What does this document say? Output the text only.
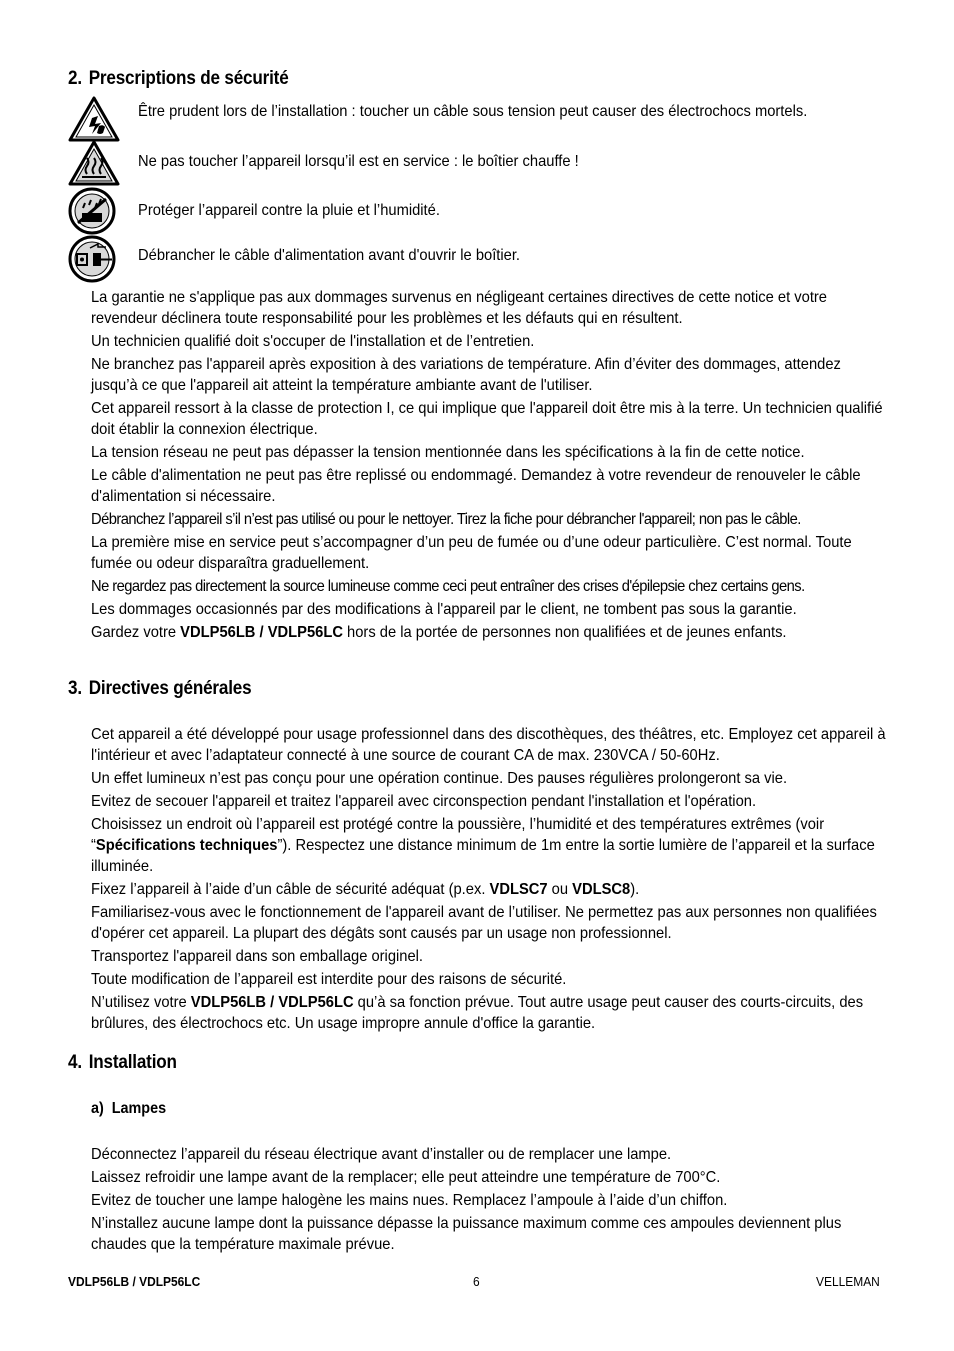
2. Prescriptions de sécurité
Être prudent lors de l’installation : toucher un câble sous tension peut causer des électrochocs mortels.
Ne pas toucher l’appareil lorsqu’il est en service : le boîtier chauffe !
Protéger l’appareil contre la pluie et l’humidité.
Débrancher le câble d'alimentation avant d'ouvrir le boîtier.

La garantie ne s'applique pas aux dommages survenus en négligeant certaines directives de cette notice et votre revendeur déclinera toute responsabilité pour les problèmes et les défauts qui en résultent.

Un technicien qualifié doit s'occuper de l'installation et de l’entretien.

Ne branchez pas l'appareil après exposition à des variations de température. Afin d’éviter des dommages, attendez jusqu’à ce que l'appareil ait atteint la température ambiante avant de l'utiliser.

Cet appareil ressort à la classe de protection I, ce qui implique que l'appareil doit être mis à la terre. Un technicien qualifié doit établir la connexion électrique.

La tension réseau ne peut pas dépasser la tension mentionnée dans les spécifications à la fin de cette notice.

Le câble d'alimentation ne peut pas être replissé ou endommagé. Demandez à votre revendeur de renouveler le câble d'alimentation si nécessaire.

Débranchez l’appareil s’il n’est pas utilisé ou pour le nettoyer. Tirez la fiche pour débrancher l'appareil; non pas le câble.

La première mise en service peut s’accompagner d’un peu de fumée ou d’une odeur particulière. C’est normal. Toute fumée ou odeur disparaîtra graduellement.

Ne regardez pas directement la source lumineuse comme ceci peut entraîner des crises d'épilepsie chez certains gens.

Les dommages occasionnés par des modifications à l'appareil par le client, ne tombent pas sous la garantie.

Gardez votre VDLP56LB / VDLP56LC hors de la portée de personnes non qualifiées et de jeunes enfants.

3. Directives générales

Cet appareil a été développé pour usage professionnel dans des discothèques, des théâtres, etc. Employez cet appareil à l'intérieur et avec l’adaptateur connecté à une source de courant CA de max. 230VCA / 50-60Hz.

Un effet lumineux n’est pas conçu pour une opération continue. Des pauses régulières prolongeront sa vie.

Evitez de secouer l'appareil et traitez l'appareil avec circonspection pendant l'installation et l'opération.

Choisissez un endroit où l’appareil est protégé contre la poussière, l’humidité et des températures extrêmes (voir “Spécifications techniques”). Respectez une distance minimum de 1m entre la sortie lumière de l’appareil et la surface illuminée.

Fixez l’appareil à l’aide d’un câble de sécurité adéquat (p.ex. VDLSC7 ou VDLSC8).

Familiarisez-vous avec le fonctionnement de l'appareil avant de l’utiliser. Ne permettez pas aux personnes non qualifiées d'opérer cet appareil. La plupart des dégâts sont causés par un usage non professionnel.

Transportez l'appareil dans son emballage originel.

Toute modification de l’appareil est interdite pour des raisons de sécurité.

N’utilisez votre VDLP56LB / VDLP56LC qu’à sa fonction prévue. Tout autre usage peut causer des courts-circuits, des brûlures, des électrochocs etc. Un usage impropre annule d'office la garantie.

4. Installation
a) Lampes

Déconnectez l’appareil du réseau électrique avant d’installer ou de remplacer une lampe.

Laissez refroidir une lampe avant de la remplacer; elle peut atteindre une température de 700°C.

Evitez de toucher une lampe halogène les mains nues. Remplacez l’ampoule à l’aide d’un chiffon.

N’installez aucune lampe dont la puissance dépasse la puissance maximum comme ces ampoules deviennent plus chaudes que la température maximale prévue.

VDLP56LB / VDLP56LC	6	VELLEMAN
